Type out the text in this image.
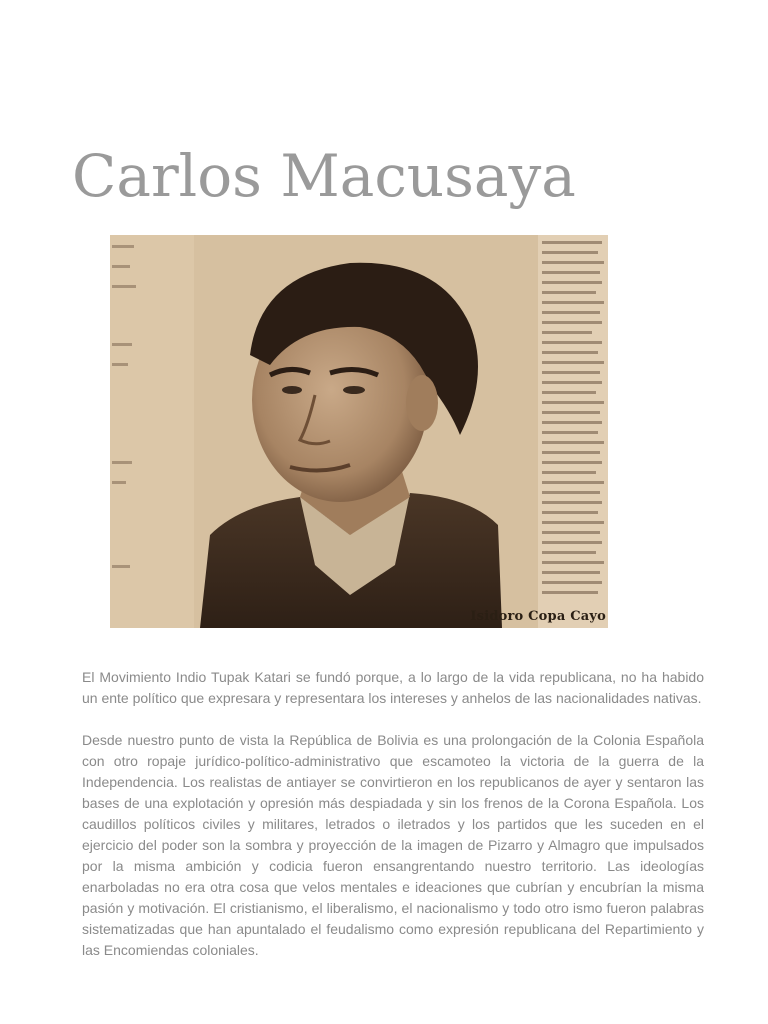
Carlos Macusaya
Isidoro Copa Cayo

El Movimiento Indio Tupak Katari se fundó porque, a lo largo de la vida republicana, no ha habido un ente político que expresara y representara los intereses y anhelos de las nacionalidades nativas.

Desde nuestro punto de vista la República de Bolivia es una prolongación de la Colonia Española con otro ropaje jurídico-político-administrativo que escamoteo la victoria de la guerra de la Independencia. Los realistas de antiayer se convirtieron en los republicanos de ayer y sentaron las bases de una explotación y opresión más despiadada y sin los frenos de la Corona Española. Los caudillos políticos civiles y militares, letrados o iletrados y los partidos que les suceden en el ejercicio del poder son la sombra y proyección de la imagen de Pizarro y Almagro que impulsados por la misma ambición y codicia fueron ensangrentando nuestro territorio. Las ideologías enarboladas no era otra cosa que velos mentales e ideaciones que cubrían y encubrían la misma pasión y motivación. El cristianismo, el liberalismo, el nacionalismo y todo otro ismo fueron palabras sistematizadas que han apuntalado el feudalismo como expresión republicana del Repartimiento y las Encomiendas coloniales.
